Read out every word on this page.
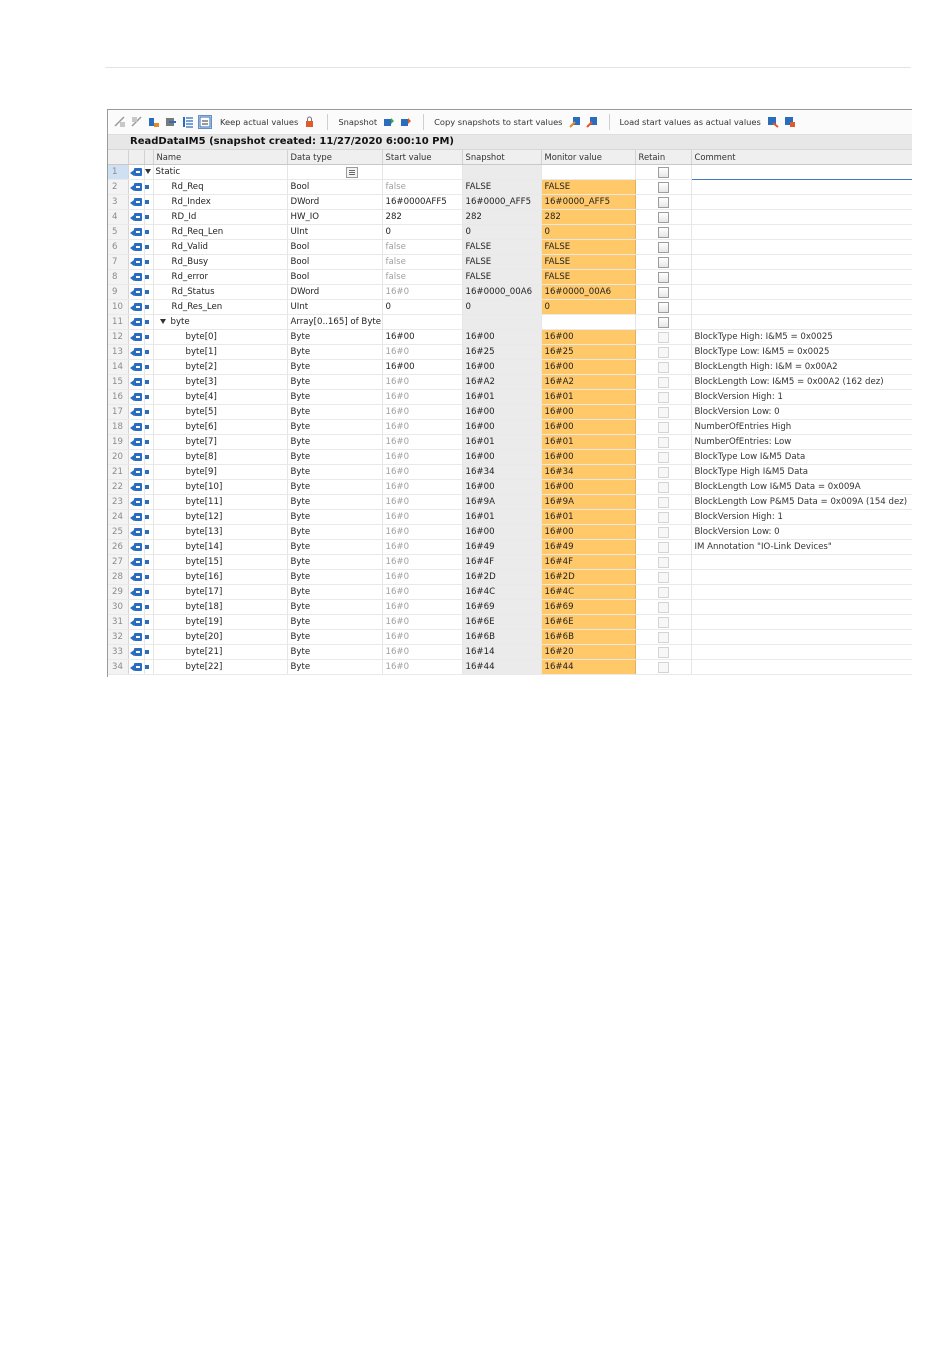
Keep actual values	Snapshot	Copy snapshots to start values	Load start values as actual values
ReadDataIM5 (snapshot created: 11/27/2020 6:00:10 PM)
			Name	Data type	Start value	Snapshot	Monitor value	Retain	Comment
1			Static						
2			Rd_Req	Bool	false	FALSE	FALSE		
3			Rd_Index	DWord	16#0000AFF5	16#0000_AFF5	16#0000_AFF5		
4			RD_Id	HW_IO	282	282	282		
5			Rd_Req_Len	UInt	0	0	0		
6			Rd_Valid	Bool	false	FALSE	FALSE		
7			Rd_Busy	Bool	false	FALSE	FALSE		
8			Rd_error	Bool	false	FALSE	FALSE		
9			Rd_Status	DWord	16#0	16#0000_00A6	16#0000_00A6		
10			Rd_Res_Len	UInt	0	0	0		
11			byte	Array[0..165] of Byte					
12			byte[0]	Byte	16#00	16#00	16#00		BlockType High: I&M5 = 0x0025
13			byte[1]	Byte	16#0	16#25	16#25		BlockType Low: I&M5 = 0x0025
14			byte[2]	Byte	16#00	16#00	16#00		BlockLength High: I&M = 0x00A2
15			byte[3]	Byte	16#0	16#A2	16#A2		BlockLength Low: I&M5 = 0x00A2 (162 dez)
16			byte[4]	Byte	16#0	16#01	16#01		BlockVersion High: 1
17			byte[5]	Byte	16#0	16#00	16#00		BlockVersion Low: 0
18			byte[6]	Byte	16#0	16#00	16#00		NumberOfEntries High
19			byte[7]	Byte	16#0	16#01	16#01		NumberOfEntries: Low
20			byte[8]	Byte	16#0	16#00	16#00		BlockType Low I&M5 Data
21			byte[9]	Byte	16#0	16#34	16#34		BlockType High I&M5 Data
22			byte[10]	Byte	16#0	16#00	16#00		BlockLength Low I&M5 Data = 0x009A
23			byte[11]	Byte	16#0	16#9A	16#9A		BlockLength Low P&M5 Data = 0x009A (154 dez)
24			byte[12]	Byte	16#0	16#01	16#01		BlockVersion High: 1
25			byte[13]	Byte	16#0	16#00	16#00		BlockVersion Low: 0
26			byte[14]	Byte	16#0	16#49	16#49		IM Annotation "IO-Link Devices"
27			byte[15]	Byte	16#0	16#4F	16#4F		
28			byte[16]	Byte	16#0	16#2D	16#2D		
29			byte[17]	Byte	16#0	16#4C	16#4C		
30			byte[18]	Byte	16#0	16#69	16#69		
31			byte[19]	Byte	16#0	16#6E	16#6E		
32			byte[20]	Byte	16#0	16#6B	16#6B		
33			byte[21]	Byte	16#0	16#14	16#20		
34			byte[22]	Byte	16#0	16#44	16#44		
